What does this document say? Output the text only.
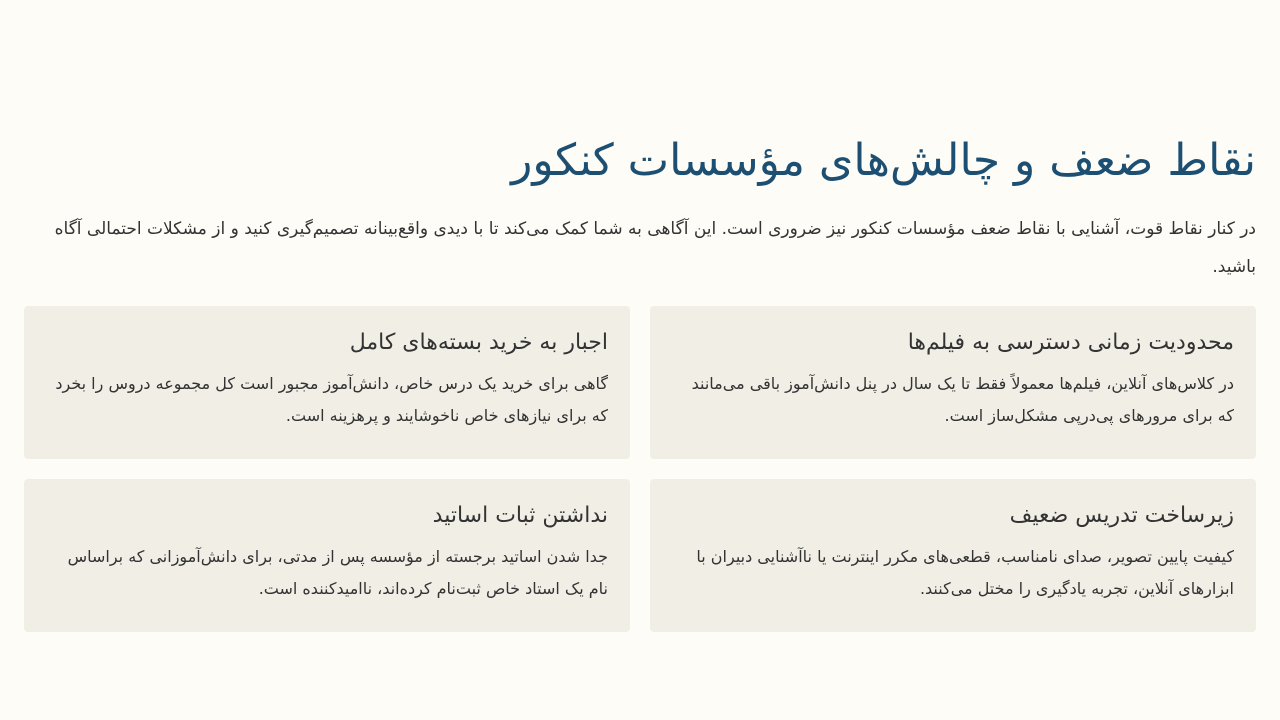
نقاط ضعف و چالش‌های مؤسسات کنکور

در کنار نقاط قوت، آشنایی با نقاط ضعف مؤسسات کنکور نیز ضروری است. این آگاهی به شما کمک می‌کند تا با دیدی واقع‌بینانه تصمیم‌گیری کنید و از مشکلات احتمالی آگاه باشید.

محدودیت زمانی دسترسی به فیلم‌ها

در کلاس‌های آنلاین، فیلم‌ها معمولاً فقط تا یک سال در پنل دانش‌آموز باقی می‌مانند که برای مرورهای پی‌درپی مشکل‌ساز است.

اجبار به خرید بسته‌های کامل

گاهی برای خرید یک درس خاص، دانش‌آموز مجبور است کل مجموعه دروس را بخرد که برای نیازهای خاص ناخوشایند و پرهزینه است.

زیرساخت تدریس ضعیف

کیفیت پایین تصویر، صدای نامناسب، قطعی‌های مکرر اینترنت یا ناآشنایی دبیران با ابزارهای آنلاین، تجربه یادگیری را مختل می‌کنند.

نداشتن ثبات اساتید

جدا شدن اساتید برجسته از مؤسسه پس از مدتی، برای دانش‌آموزانی که براساس نام یک استاد خاص ثبت‌نام کرده‌اند، ناامیدکننده است.
